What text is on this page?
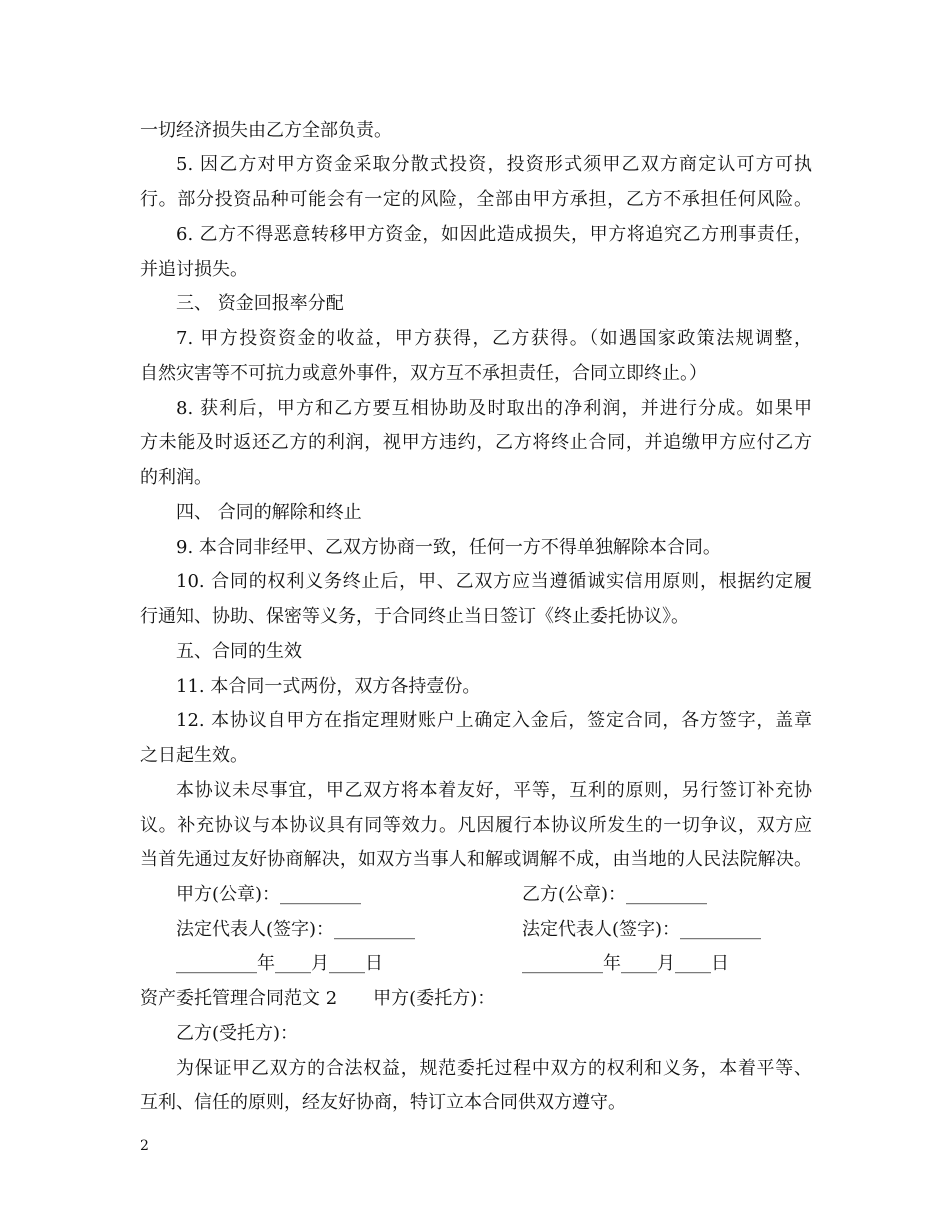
一切经济损失由乙方全部负责。
5. 因乙方对甲方资金采取分散式投资，投资形式须甲乙双方商定认可方可执
行。部分投资品种可能会有一定的风险，全部由甲方承担，乙方不承担任何风险。
6. 乙方不得恶意转移甲方资金，如因此造成损失，甲方将追究乙方刑事责任，
并追讨损失。
三、 资金回报率分配
7. 甲方投资资金的收益，甲方获得，乙方获得。（如遇国家政策法规调整，
自然灾害等不可抗力或意外事件，双方互不承担责任，合同立即终止。）
8. 获利后，甲方和乙方要互相协助及时取出的净利润，并进行分成。如果甲
方未能及时返还乙方的利润，视甲方违约，乙方将终止合同，并追缴甲方应付乙方
的利润。
四、 合同的解除和终止
9. 本合同非经甲、乙双方协商一致，任何一方不得单独解除本合同。
10. 合同的权利义务终止后，甲、乙双方应当遵循诚实信用原则，根据约定履
行通知、协助、保密等义务，于合同终止当日签订《终止委托协议》。
五、合同的生效
11. 本合同一式两份，双方各持壹份。
12. 本协议自甲方在指定理财账户上确定入金后，签定合同，各方签字，盖章
之日起生效。
本协议未尽事宜，甲乙双方将本着友好，平等，互利的原则，另行签订补充协
议。补充协议与本协议具有同等效力。凡因履行本协议所发生的一切争议，双方应
当首先通过友好协商解决，如双方当事人和解或调解不成，由当地的人民法院解决。
甲方(公章)：_________	乙方(公章)：_________
法定代表人(签字)：_________	法定代表人(签字)：_________
_________年____月____日	_________年____月____日
资产委托管理合同范文 2　　甲方(委托方)：
乙方(受托方)：
为保证甲乙双方的合法权益，规范委托过程中双方的权利和义务，本着平等、
互利、信任的原则，经友好协商，特订立本合同供双方遵守。
2
